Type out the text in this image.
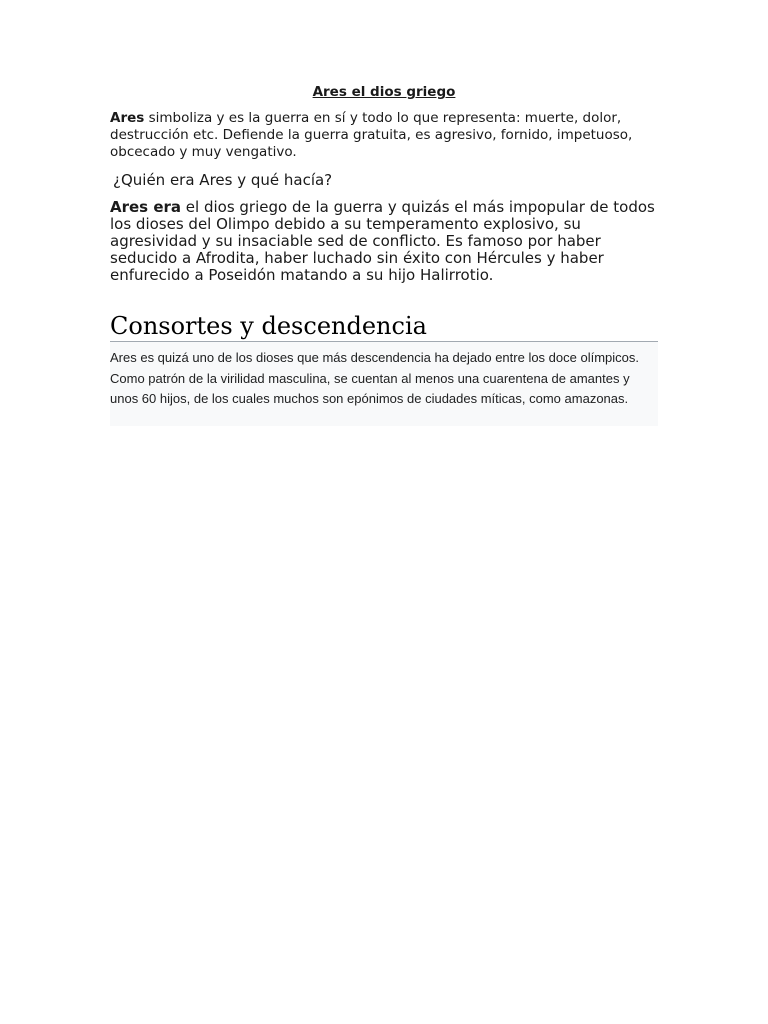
Ares el dios griego

Ares simboliza y es la guerra en sí y todo lo que representa: muerte, dolor, destrucción etc. Defiende la guerra gratuita, es agresivo, fornido, impetuoso, obcecado y muy vengativo.

¿Quién era Ares y qué hacía?

Ares era el dios griego de la guerra y quizás el más impopular de todos los dioses del Olimpo debido a su temperamento explosivo, su agresividad y su insaciable sed de conflicto. Es famoso por haber seducido a Afrodita, haber luchado sin éxito con Hércules y haber enfurecido a Poseidón matando a su hijo Halirrotio.

Consortes y descendencia

Ares es quizá uno de los dioses que más descendencia ha dejado entre los doce olímpicos. Como patrón de la virilidad masculina, se cuentan al menos una cuarentena de amantes y unos 60 hijos, de los cuales muchos son epónimos de ciudades míticas, como amazonas.
